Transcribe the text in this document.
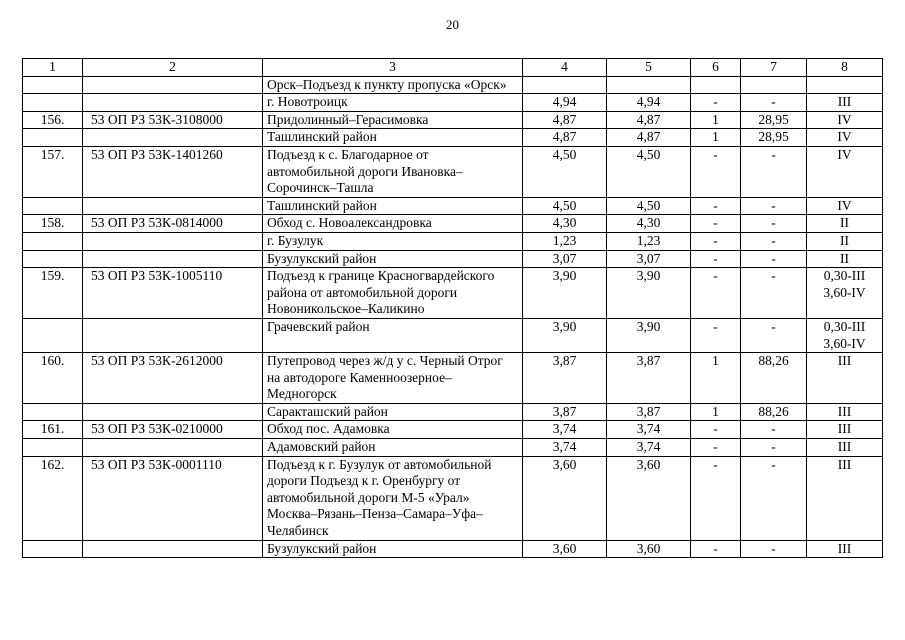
20
1	2	3	4	5	6	7	8
		Орск–Подъезд к пункту пропуска «Орск»					
		г. Новотроицк	4,94	4,94	-	-	III
156.	53 ОП РЗ 53К-3108000	Придолинный–Герасимовка	4,87	4,87	1	28,95	IV
		Ташлинский район	4,87	4,87	1	28,95	IV
157.	53 ОП РЗ 53К-1401260	Подъезд к с. Благодарное от автомобильной дороги Ивановка–Сорочинск–Ташла	4,50	4,50	-	-	IV
		Ташлинский район	4,50	4,50	-	-	IV
158.	53 ОП РЗ 53К-0814000	Обход с. Новоалександровка	4,30	4,30	-	-	II
		г. Бузулук	1,23	1,23	-	-	II
		Бузулукский район	3,07	3,07	-	-	II
159.	53 ОП РЗ 53К-1005110	Подъезд к границе Красногвардейского района от автомобильной дороги Новоникольское–Каликино	3,90	3,90	-	-	0,30-III 3,60-IV
		Грачевский район	3,90	3,90	-	-	0,30-III 3,60-IV
160.	53 ОП РЗ 53К-2612000	Путепровод через ж/д у с. Черный Отрог на автодороге Каменноозерное–Медногорск	3,87	3,87	1	88,26	III
		Саракташский район	3,87	3,87	1	88,26	III
161.	53 ОП РЗ 53К-0210000	Обход пос. Адамовка	3,74	3,74	-	-	III
		Адамовский район	3,74	3,74	-	-	III
162.	53 ОП РЗ 53К-0001110	Подъезд к г. Бузулук от автомобильной дороги Подъезд к г. Оренбургу от автомобильной дороги М-5 «Урал» Москва–Рязань–Пенза–Самара–Уфа–Челябинск	3,60	3,60	-	-	III
		Бузулукский район	3,60	3,60	-	-	III
